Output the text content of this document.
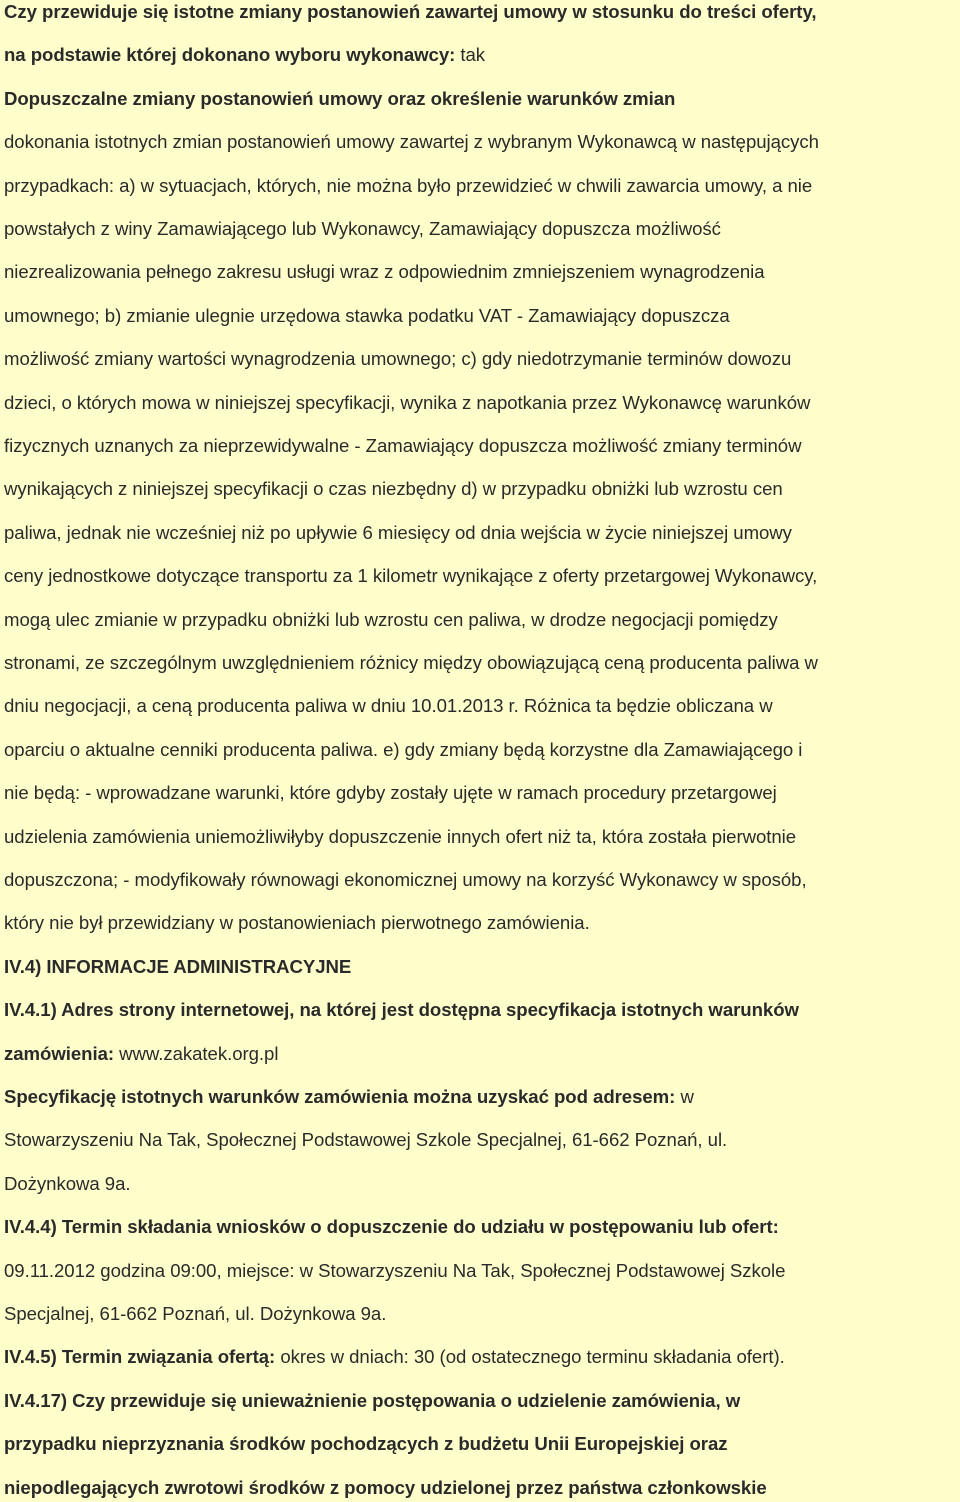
Czy przewiduje się istotne zmiany postanowień zawartej umowy w stosunku do treści oferty,
na podstawie której dokonano wyboru wykonawcy: tak
Dopuszczalne zmiany postanowień umowy oraz określenie warunków zmian
dokonania istotnych zmian postanowień umowy zawartej z wybranym Wykonawcą w następujących
przypadkach: a) w sytuacjach, których, nie można było przewidzieć w chwili zawarcia umowy, a nie
powstałych z winy Zamawiającego lub Wykonawcy, Zamawiający dopuszcza możliwość
niezrealizowania pełnego zakresu usługi wraz z odpowiednim zmniejszeniem wynagrodzenia
umownego; b) zmianie ulegnie urzędowa stawka podatku VAT - Zamawiający dopuszcza
możliwość zmiany wartości wynagrodzenia umownego; c) gdy niedotrzymanie terminów dowozu
dzieci, o których mowa w niniejszej specyfikacji, wynika z napotkania przez Wykonawcę warunków
fizycznych uznanych za nieprzewidywalne - Zamawiający dopuszcza możliwość zmiany terminów
wynikających z niniejszej specyfikacji o czas niezbędny d) w przypadku obniżki lub wzrostu cen
paliwa, jednak nie wcześniej niż po upływie 6 miesięcy od dnia wejścia w życie niniejszej umowy
ceny jednostkowe dotyczące transportu za 1 kilometr wynikające z oferty przetargowej Wykonawcy,
mogą ulec zmianie w przypadku obniżki lub wzrostu cen paliwa, w drodze negocjacji pomiędzy
stronami, ze szczególnym uwzględnieniem różnicy między obowiązującą ceną producenta paliwa w
dniu negocjacji, a ceną producenta paliwa w dniu 10.01.2013 r. Różnica ta będzie obliczana w
oparciu o aktualne cenniki producenta paliwa. e) gdy zmiany będą korzystne dla Zamawiającego i
nie będą: - wprowadzane warunki, które gdyby zostały ujęte w ramach procedury przetargowej
udzielenia zamówienia uniemożliwiłyby dopuszczenie innych ofert niż ta, która została pierwotnie
dopuszczona; - modyfikowały równowagi ekonomicznej umowy na korzyść Wykonawcy w sposób,
który nie był przewidziany w postanowieniach pierwotnego zamówienia.
IV.4) INFORMACJE ADMINISTRACYJNE
IV.4.1) Adres strony internetowej, na której jest dostępna specyfikacja istotnych warunków
zamówienia: www.zakatek.org.pl
Specyfikację istotnych warunków zamówienia można uzyskać pod adresem: w
Stowarzyszeniu Na Tak, Społecznej Podstawowej Szkole Specjalnej, 61-662 Poznań, ul.
Dożynkowa 9a.
IV.4.4) Termin składania wniosków o dopuszczenie do udziału w postępowaniu lub ofert:
09.11.2012 godzina 09:00, miejsce: w Stowarzyszeniu Na Tak, Społecznej Podstawowej Szkole
Specjalnej, 61-662 Poznań, ul. Dożynkowa 9a.
IV.4.5) Termin związania ofertą: okres w dniach: 30 (od ostatecznego terminu składania ofert).
IV.4.17) Czy przewiduje się unieważnienie postępowania o udzielenie zamówienia, w
przypadku nieprzyznania środków pochodzących z budżetu Unii Europejskiej oraz
niepodlegających zwrotowi środków z pomocy udzielonej przez państwa członkowskie
